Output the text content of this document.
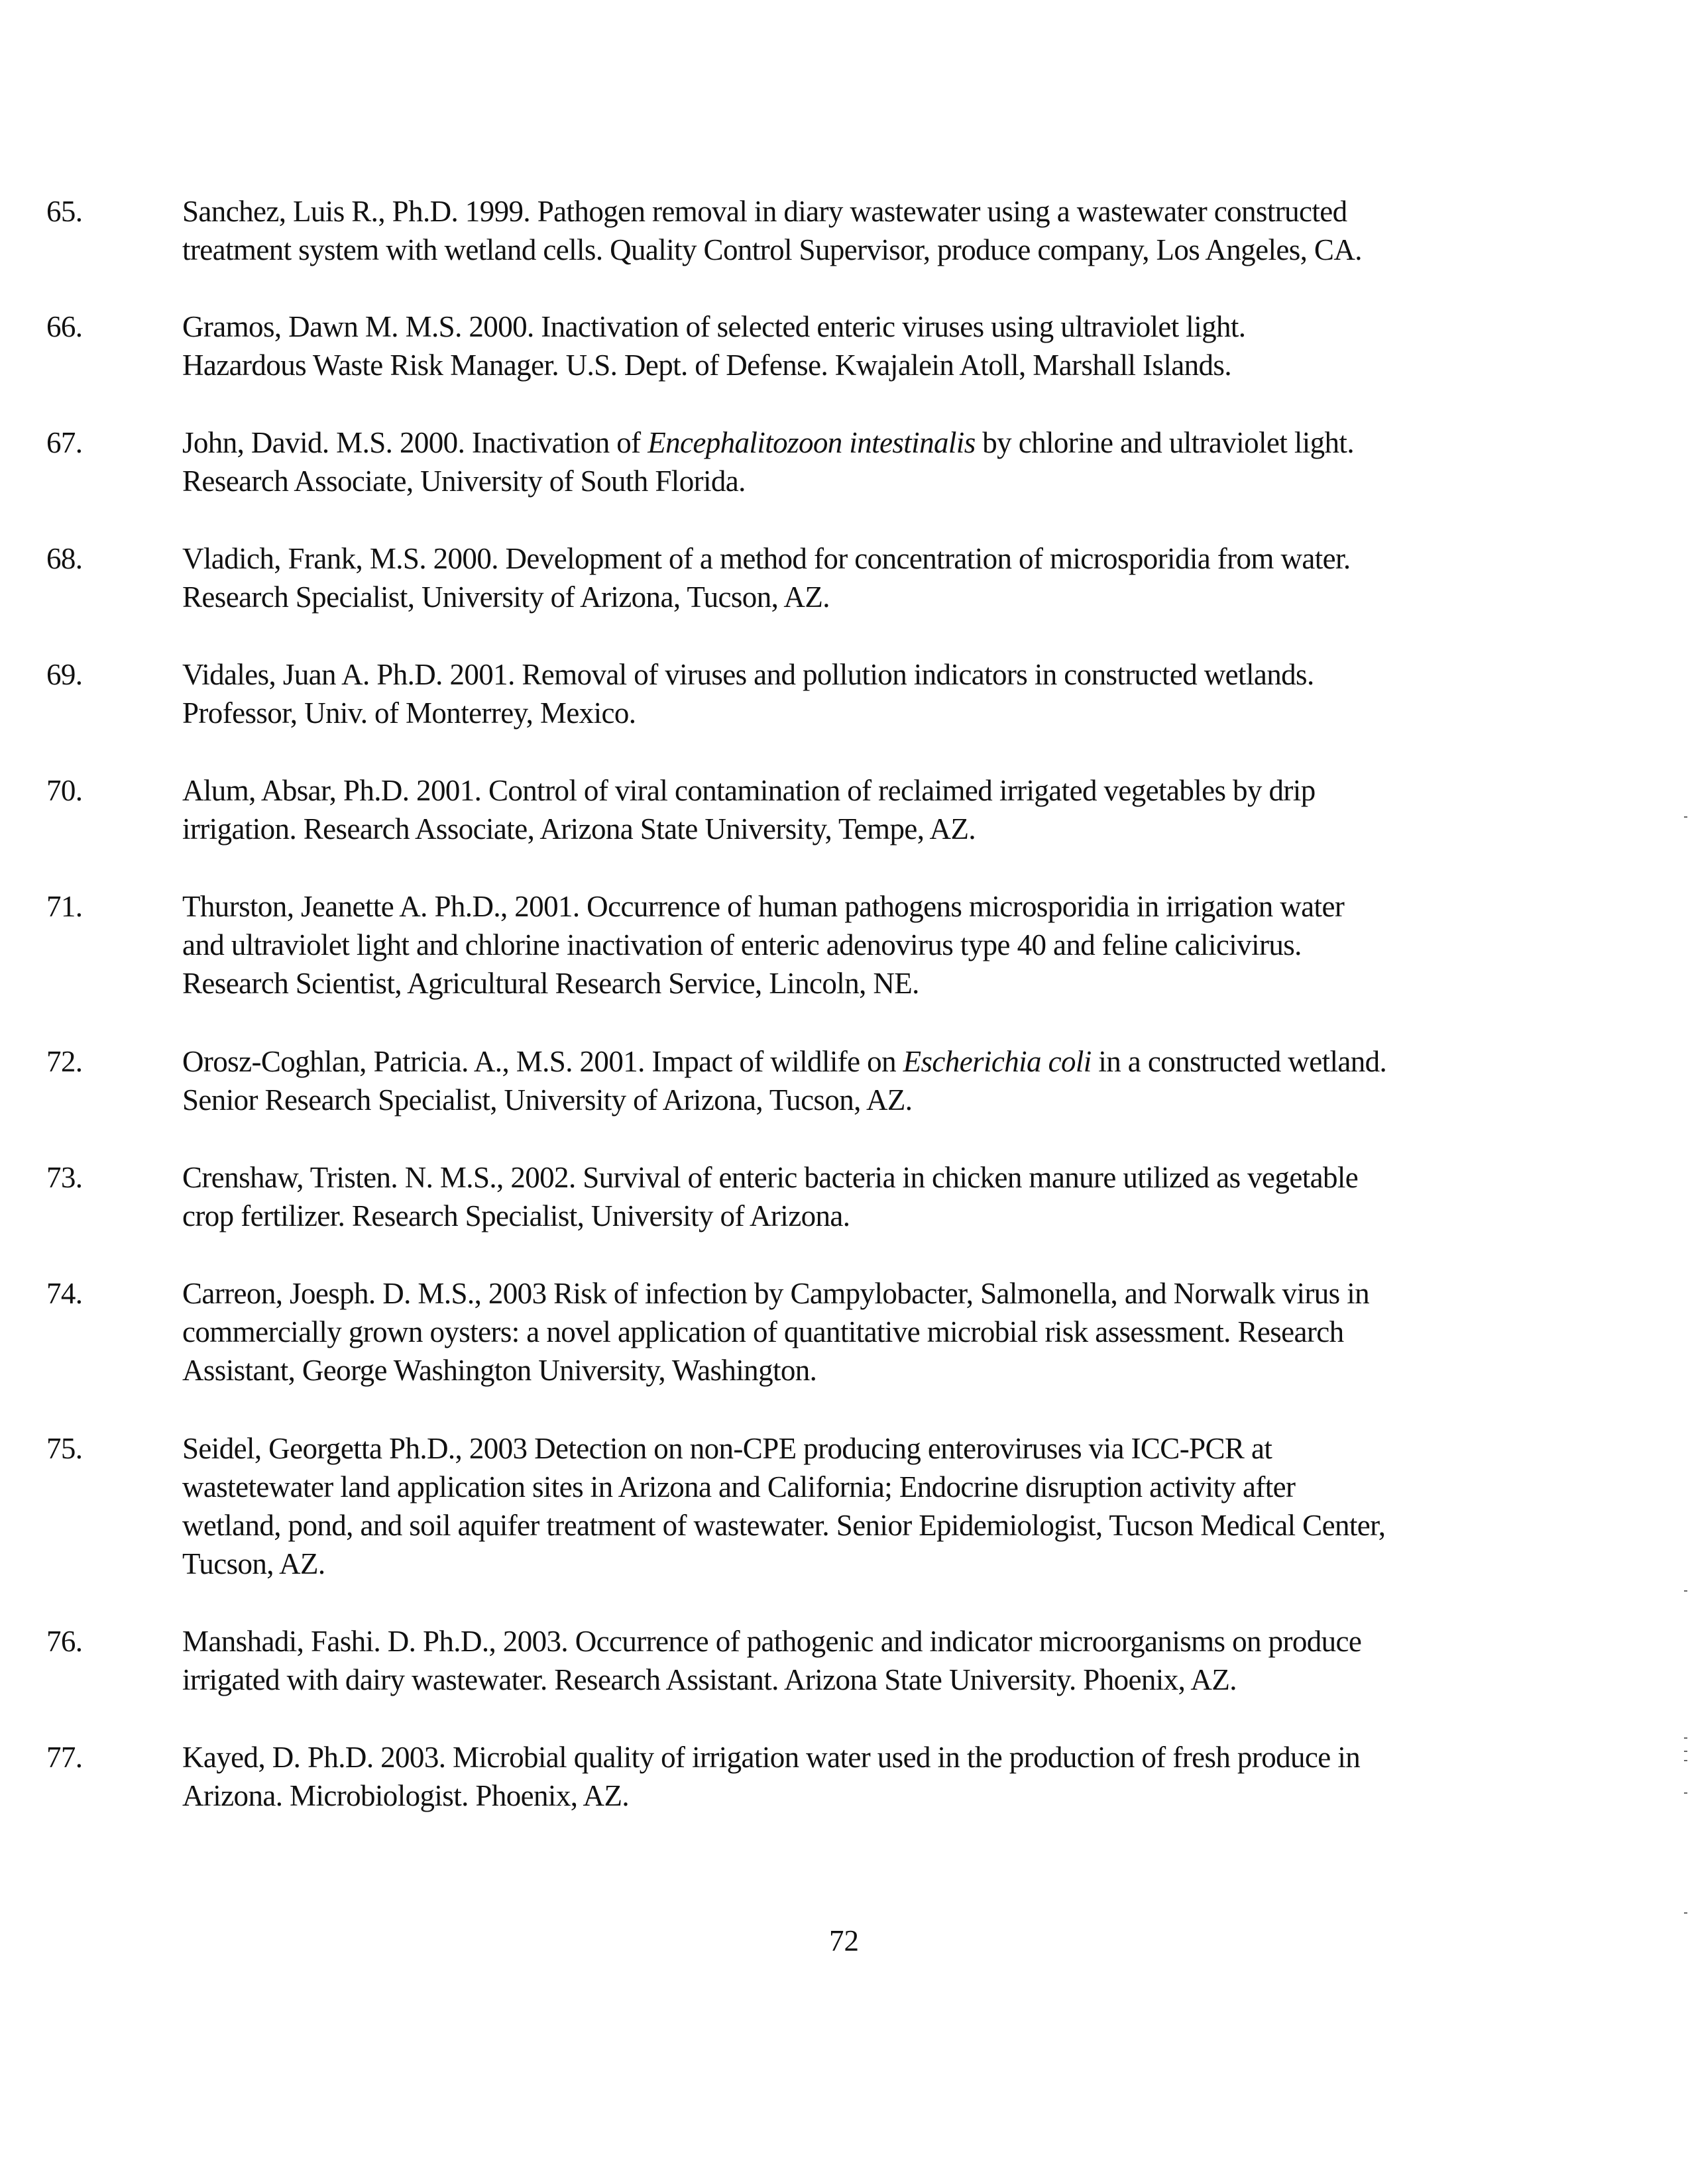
65.	Sanchez, Luis R., Ph.D. 1999. Pathogen removal in diary wastewater using a wastewater constructed
treatment system with wetland cells. Quality Control Supervisor, produce company, Los Angeles, CA.
66.	Gramos, Dawn M. M.S. 2000. Inactivation of selected enteric viruses using ultraviolet light.
Hazardous Waste Risk Manager. U.S. Dept. of Defense. Kwajalein Atoll, Marshall Islands.
67.	John, David. M.S. 2000. Inactivation of Encephalitozoon intestinalis by chlorine and ultraviolet light.
Research Associate, University of South Florida.
68.	Vladich, Frank, M.S. 2000. Development of a method for concentration of microsporidia from water.
Research Specialist, University of Arizona, Tucson, AZ.
69.	Vidales, Juan A. Ph.D. 2001. Removal of viruses and pollution indicators in constructed wetlands.
Professor, Univ. of Monterrey, Mexico.
70.	Alum, Absar, Ph.D. 2001. Control of viral contamination of reclaimed irrigated vegetables by drip
irrigation. Research Associate, Arizona State University, Tempe, AZ.
71.	Thurston, Jeanette A. Ph.D., 2001. Occurrence of human pathogens microsporidia in irrigation water
and ultraviolet light and chlorine inactivation of enteric adenovirus type 40 and feline calicivirus.
Research Scientist, Agricultural Research Service, Lincoln, NE.
72.	Orosz-Coghlan, Patricia. A., M.S. 2001. Impact of wildlife on Escherichia coli in a constructed wetland.
Senior Research Specialist, University of Arizona, Tucson, AZ.
73.	Crenshaw, Tristen. N. M.S., 2002. Survival of enteric bacteria in chicken manure utilized as vegetable
crop fertilizer. Research Specialist, University of Arizona.
74.	Carreon, Joesph. D. M.S., 2003 Risk of infection by Campylobacter, Salmonella, and Norwalk virus in
commercially grown oysters: a novel application of quantitative microbial risk assessment. Research
Assistant, George Washington University, Washington.
75.	Seidel, Georgetta Ph.D., 2003 Detection on non-CPE producing enteroviruses via ICC-PCR at
wastetewater land application sites in Arizona and California; Endocrine disruption activity after
wetland, pond, and soil aquifer treatment of wastewater. Senior Epidemiologist, Tucson Medical Center,
Tucson, AZ.
76.	Manshadi, Fashi. D. Ph.D., 2003. Occurrence of pathogenic and indicator microorganisms on produce
irrigated with dairy wastewater. Research Assistant. Arizona State University. Phoenix, AZ.
77.	Kayed, D. Ph.D. 2003. Microbial quality of irrigation water used in the production of fresh produce in
Arizona. Microbiologist. Phoenix, AZ.
72
